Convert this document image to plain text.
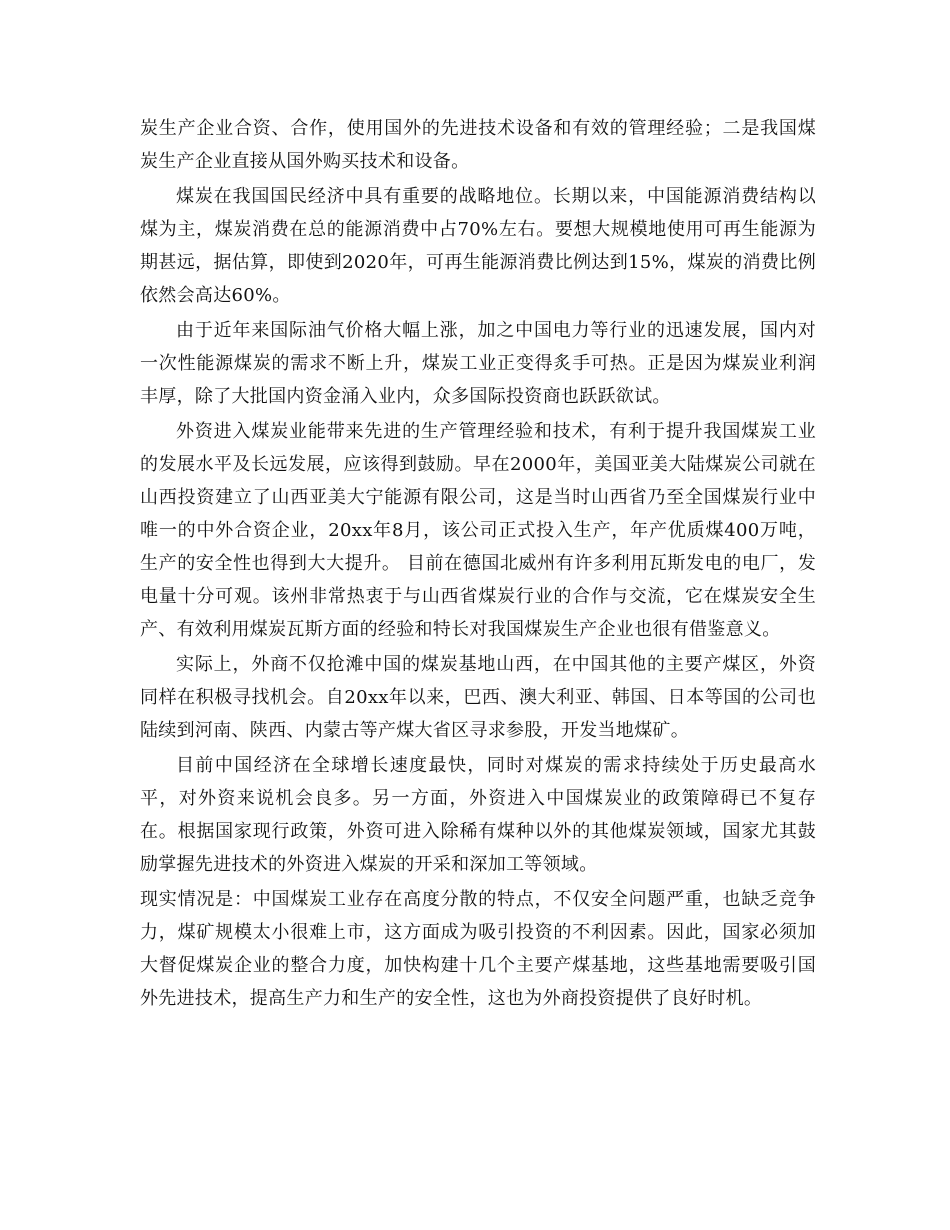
炭生产企业合资、合作，使用国外的先进技术设备和有效的管理经验；二是我国煤炭生产企业直接从国外购买技术和设备。

煤炭在我国国民经济中具有重要的战略地位。长期以来，中国能源消费结构以煤为主，煤炭消费在总的能源消费中占70%左右。要想大规模地使用可再生能源为期甚远，据估算，即使到2020年，可再生能源消费比例达到15%，煤炭的消费比例依然会高达60%。

由于近年来国际油气价格大幅上涨，加之中国电力等行业的迅速发展，国内对一次性能源煤炭的需求不断上升，煤炭工业正变得炙手可热。正是因为煤炭业利润丰厚，除了大批国内资金涌入业内，众多国际投资商也跃跃欲试。

外资进入煤炭业能带来先进的生产管理经验和技术，有利于提升我国煤炭工业的发展水平及长远发展，应该得到鼓励。早在2000年，美国亚美大陆煤炭公司就在山西投资建立了山西亚美大宁能源有限公司，这是当时山西省乃至全国煤炭行业中唯一的中外合资企业，20xx年8月，该公司正式投入生产，年产优质煤400万吨，生产的安全性也得到大大提升。 目前在德国北威州有许多利用瓦斯发电的电厂，发电量十分可观。该州非常热衷于与山西省煤炭行业的合作与交流，它在煤炭安全生产、有效利用煤炭瓦斯方面的经验和特长对我国煤炭生产企业也很有借鉴意义。

实际上，外商不仅抢滩中国的煤炭基地山西，在中国其他的主要产煤区，外资同样在积极寻找机会。自20xx年以来，巴西、澳大利亚、韩国、日本等国的公司也陆续到河南、陕西、内蒙古等产煤大省区寻求参股，开发当地煤矿。

目前中国经济在全球增长速度最快，同时对煤炭的需求持续处于历史最高水平，对外资来说机会良多。另一方面，外资进入中国煤炭业的政策障碍已不复存在。根据国家现行政策，外资可进入除稀有煤种以外的其他煤炭领域，国家尤其鼓励掌握先进技术的外资进入煤炭的开采和深加工等领域。

现实情况是：中国煤炭工业存在高度分散的特点，不仅安全问题严重，也缺乏竞争力，煤矿规模太小很难上市，这方面成为吸引投资的不利因素。因此，国家必须加大督促煤炭企业的整合力度，加快构建十几个主要产煤基地，这些基地需要吸引国外先进技术，提高生产力和生产的安全性，这也为外商投资提供了良好时机。
